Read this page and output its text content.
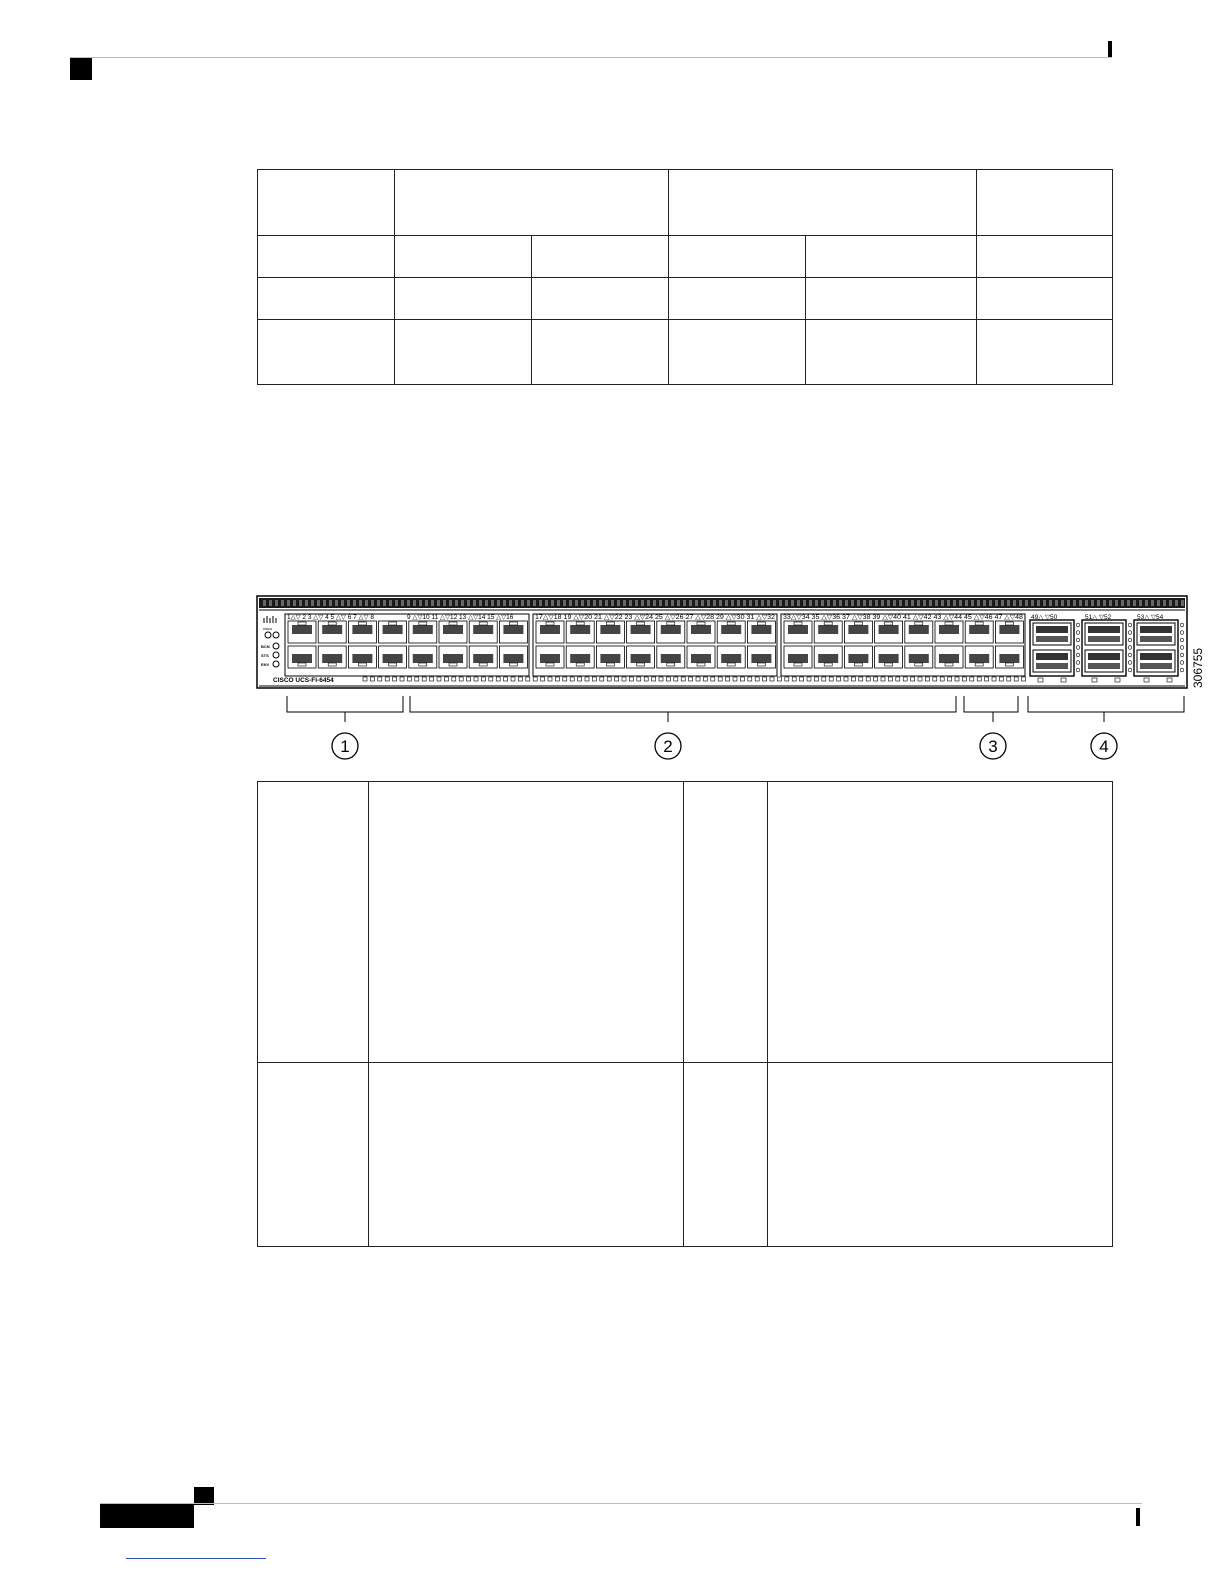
cisco
BCN
STS
ENV
1△▽ 2 3 △▽ 4 5 △▽ 6 7 △▽ 8	9 △▽10 11 △▽12 13 △▽14 15 △▽16	17△▽18 19 △▽20 21 △▽22 23 △▽24 25 △▽26 27 △▽28 29 △▽30 31 △▽32 33△▽34 35 △▽36 37 △▽38 39 △▽40 41 △▽42 43 △▽44 45 △▽46 47 △▽48 49△ ▽50	51△ ▽52	53△ ▽54
CISCO UCS-FI-6454	306755
1	2	3	4
